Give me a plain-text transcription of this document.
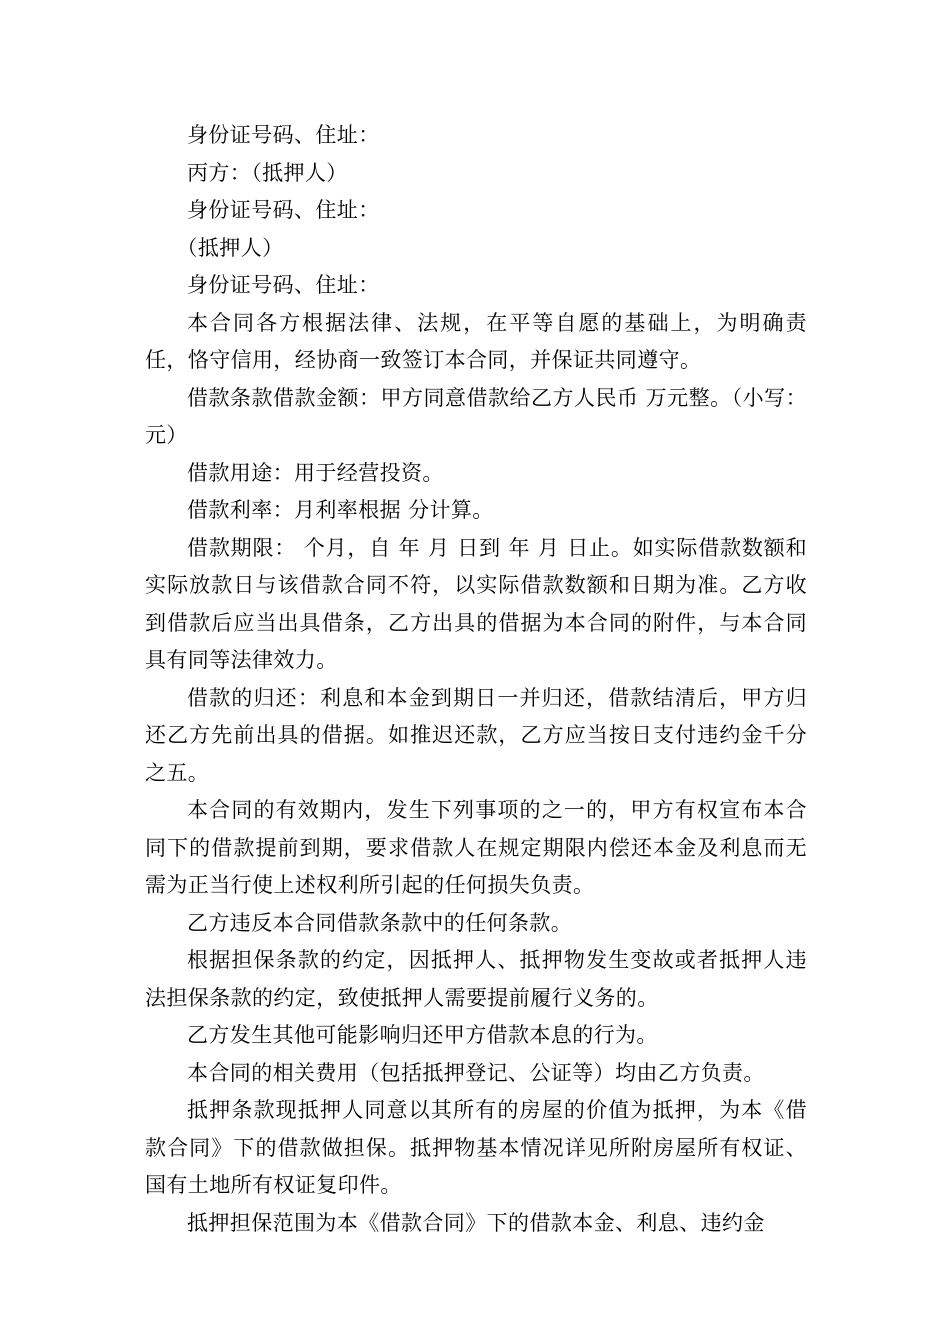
身份证号码、住址：

丙方：（抵押人）

身份证号码、住址：

（抵押人）

身份证号码、住址：

本合同各方根据法律、法规，在平等自愿的基础上，为明确责任，恪守信用，经协商一致签订本合同，并保证共同遵守。

借款条款借款金额：甲方同意借款给乙方人民币 万元整。（小写： 元）

借款用途：用于经营投资。

借款利率：月利率根据 分计算。

借款期限： 个月，自 年 月 日到 年 月 日止。如实际借款数额和实际放款日与该借款合同不符，以实际借款数额和日期为准。乙方收到借款后应当出具借条，乙方出具的借据为本合同的附件，与本合同具有同等法律效力。

借款的归还：利息和本金到期日一并归还，借款结清后，甲方归还乙方先前出具的借据。如推迟还款，乙方应当按日支付违约金千分之五。

本合同的有效期内，发生下列事项的之一的，甲方有权宣布本合同下的借款提前到期，要求借款人在规定期限内偿还本金及利息而无需为正当行使上述权利所引起的任何损失负责。

乙方违反本合同借款条款中的任何条款。

根据担保条款的约定，因抵押人、抵押物发生变故或者抵押人违法担保条款的约定，致使抵押人需要提前履行义务的。

乙方发生其他可能影响归还甲方借款本息的行为。

本合同的相关费用（包括抵押登记、公证等）均由乙方负责。

抵押条款现抵押人同意以其所有的房屋的价值为抵押，为本《借款合同》下的借款做担保。抵押物基本情况详见所附房屋所有权证、国有土地所有权证复印件。

抵押担保范围为本《借款合同》下的借款本金、利息、违约金
